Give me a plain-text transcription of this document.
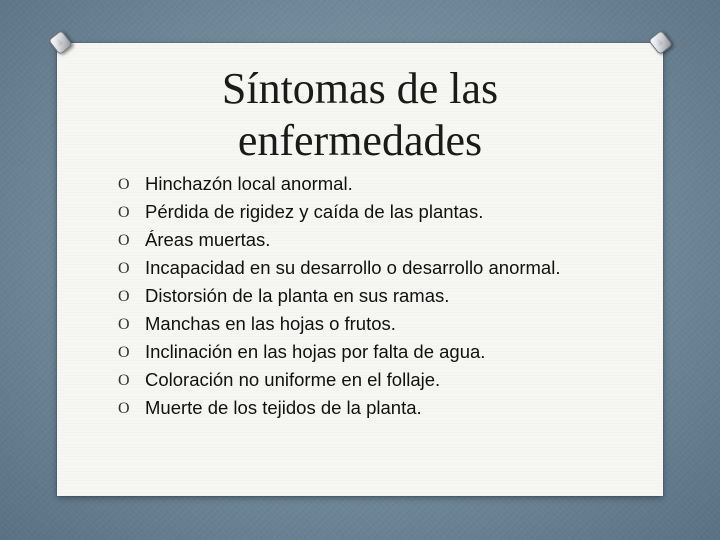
Síntomas de las
enfermedades
O Hinchazón local anormal.
O Pérdida de rigidez y caída de las plantas.
O Áreas muertas.
O Incapacidad en su desarrollo o desarrollo anormal.
O Distorsión de la planta en sus ramas.
O Manchas en las hojas o frutos.
O Inclinación en las hojas por falta de agua.
O Coloración no uniforme en el follaje.
O Muerte de los tejidos de la planta.
